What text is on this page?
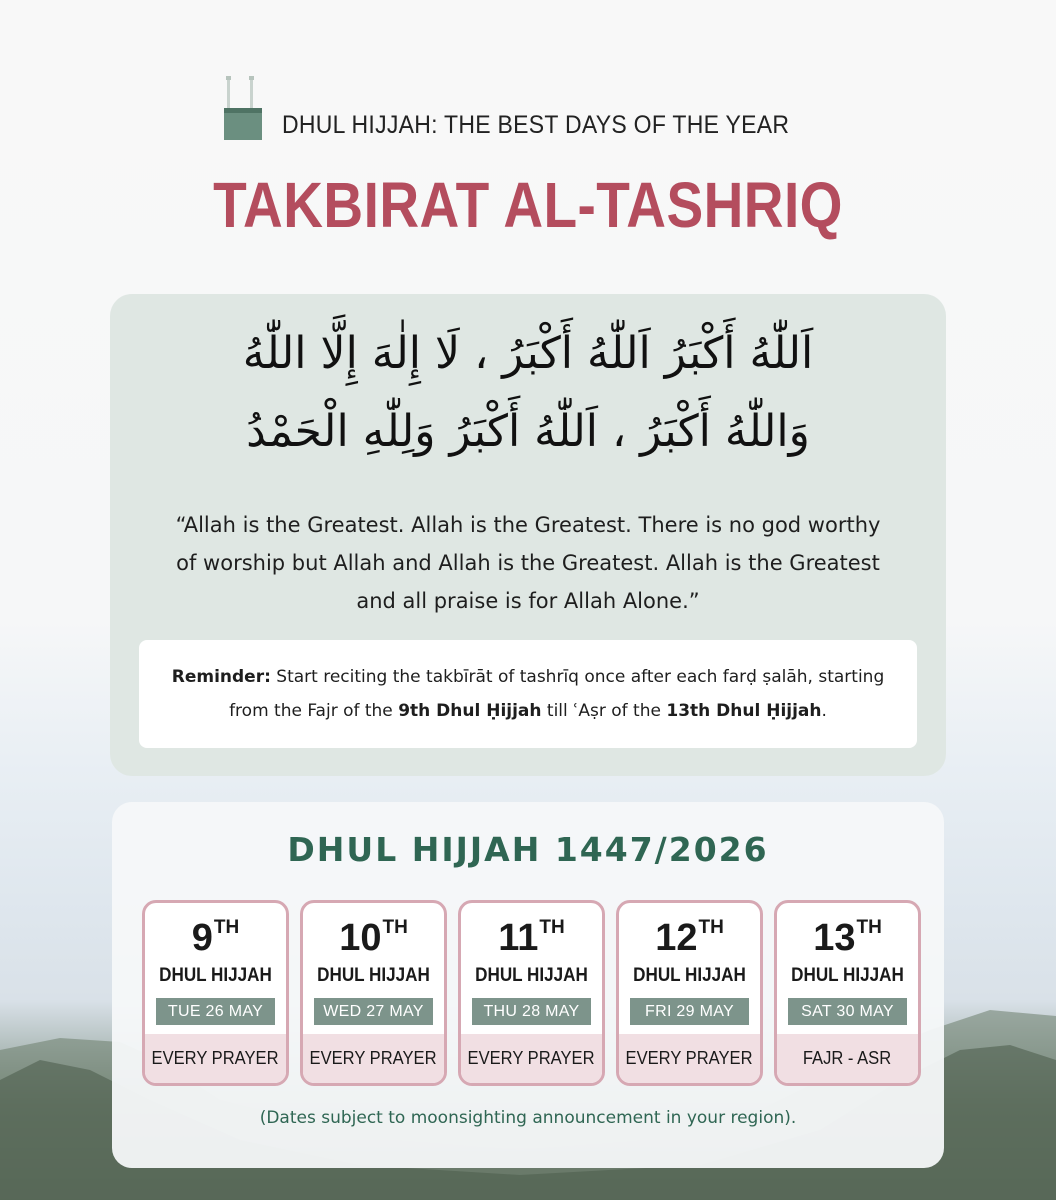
DHUL HIJJAH: THE BEST DAYS OF THE YEAR
TAKBIRAT AL-TASHRIQ
اَللّٰهُ أَكْبَرُ اَللّٰهُ أَكْبَرُ ، لَا إِلٰهَ إِلَّا اللّٰهُ
وَاللّٰهُ أَكْبَرُ ، اَللّٰهُ أَكْبَرُ وَلِلّٰهِ الْحَمْدُ
“Allah is the Greatest. Allah is the Greatest. There is no god worthy of worship but Allah and Allah is the Greatest. Allah is the Greatest and all praise is for Allah Alone.”
Reminder: Start reciting the takbīrāt of tashrīq once after each farḍ ṣalāh, starting from the Fajr of the 9th Dhul Ḥijjah till ʿAṣr of the 13th Dhul Ḥijjah.
DHUL HIJJAH 1447/2026
9TH
DHUL HIJJAH
TUE 26 MAY
EVERY PRAYER
10TH
DHUL HIJJAH
WED 27 MAY
EVERY PRAYER
11TH
DHUL HIJJAH
THU 28 MAY
EVERY PRAYER
12TH
DHUL HIJJAH
FRI 29 MAY
EVERY PRAYER
13TH
DHUL HIJJAH
SAT 30 MAY
FAJR - ASR
(Dates subject to moonsighting announcement in your region).
